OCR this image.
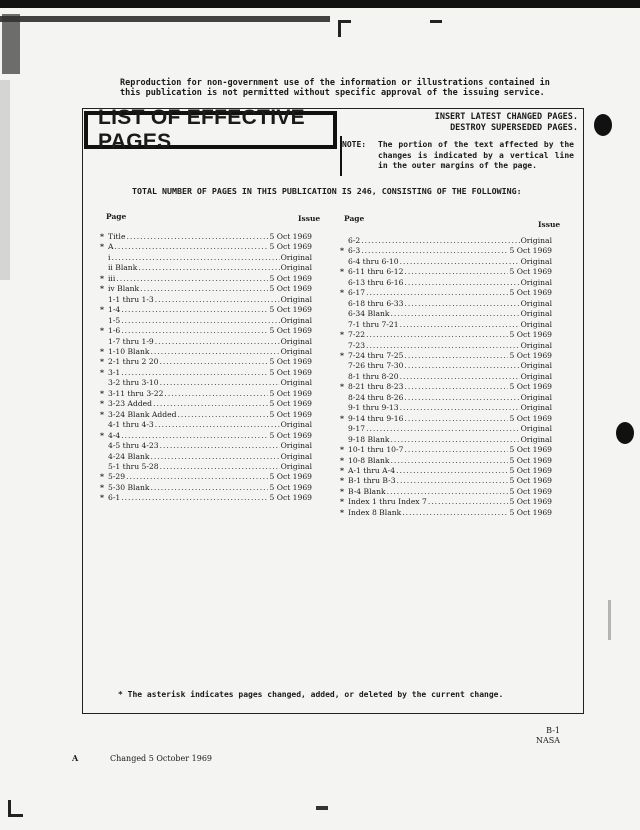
Reproduction for non-government use of the information or illustrations contained in this publication is not permitted without specific approval of the issuing service.
LIST OF EFFECTIVE PAGES
INSERT LATEST CHANGED PAGES.
DESTROY SUPERSEDED PAGES.
NOTE:	The portion of the text affected by the changes is indicated by a vertical line in the outer margins of the page.
TOTAL NUMBER OF PAGES IN THIS PUBLICATION IS 246, CONSISTING OF THE FOLLOWING:
Page	Issue	Page
Issue
* Title .....	5 Oct 1969
* A .....	5 Oct 1969
i .....	Original
ii Blank .....	Original
* iii .....	5 Oct 1969
* iv Blank .....	5 Oct 1969
1-1 thru 1-3 .....	Original
* 1-4 .....	5 Oct 1969
1-5 .....	Original
* 1-6 .....	5 Oct 1969
1-7 thru 1-9 .....	Original
* 1-10 Blank .....	Original
* 2-1 thru 2 20 .....	5 Oct 1969
* 3-1 .....	5 Oct 1969
3-2 thru 3-10 .....	Original
* 3-11 thru 3-22 .....	5 Oct 1969
* 3-23 Added .....	5 Oct 1969
* 3-24 Blank Added .....	5 Oct 1969
4-1 thru 4-3 .....	Original
* 4-4 .....	5 Oct 1969
4-5 thru 4-23 .....	Original
4-24 Blank .....	Original
5-1 thru 5-28 .....	Original
* 5-29 .....	5 Oct 1969
* 5-30 Blank .....	5 Oct 1969
* 6-1 .....	5 Oct 1969
6-2 .....	Original
* 6-3 .....	5 Oct 1969
6-4 thru 6-10 .....	Original
* 6-11 thru 6-12 .....	5 Oct 1969
6-13 thru 6-16 .....	Original
* 6-17 .....	5 Oct 1969
6-18 thru 6-33 .....	Original
6-34 Blank .....	Original
7-1 thru 7-21 .....	Original
* 7-22 .....	5 Oct 1969
7-23 .....	Original
* 7-24 thru 7-25 .....	5 Oct 1969
7-26 thru 7-30 .....	Original
8-1 thru 8-20 .....	Original
* 8-21 thru 8-23 .....	5 Oct 1969
8-24 thru 8-26 .....	Original
9-1 thru 9-13 .....	Original
* 9-14 thru 9-16 .....	5 Oct 1969
9-17 .....	Original
9-18 Blank .....	Original
* 10-1 thru 10-7 .....	5 Oct 1969
* 10-8 Blank .....	5 Oct 1969
* A-1 thru A-4 .....	5 Oct 1969
* B-1 thru B-3 .....	5 Oct 1969
* B-4 Blank .....	5 Oct 1969
* Index 1 thru Index 7 .....	5 Oct 1969
* Index 8 Blank .....	5 Oct 1969
* The asterisk indicates pages changed, added, or deleted by the current change.
B-1
NASA
A	Changed 5 October 1969
